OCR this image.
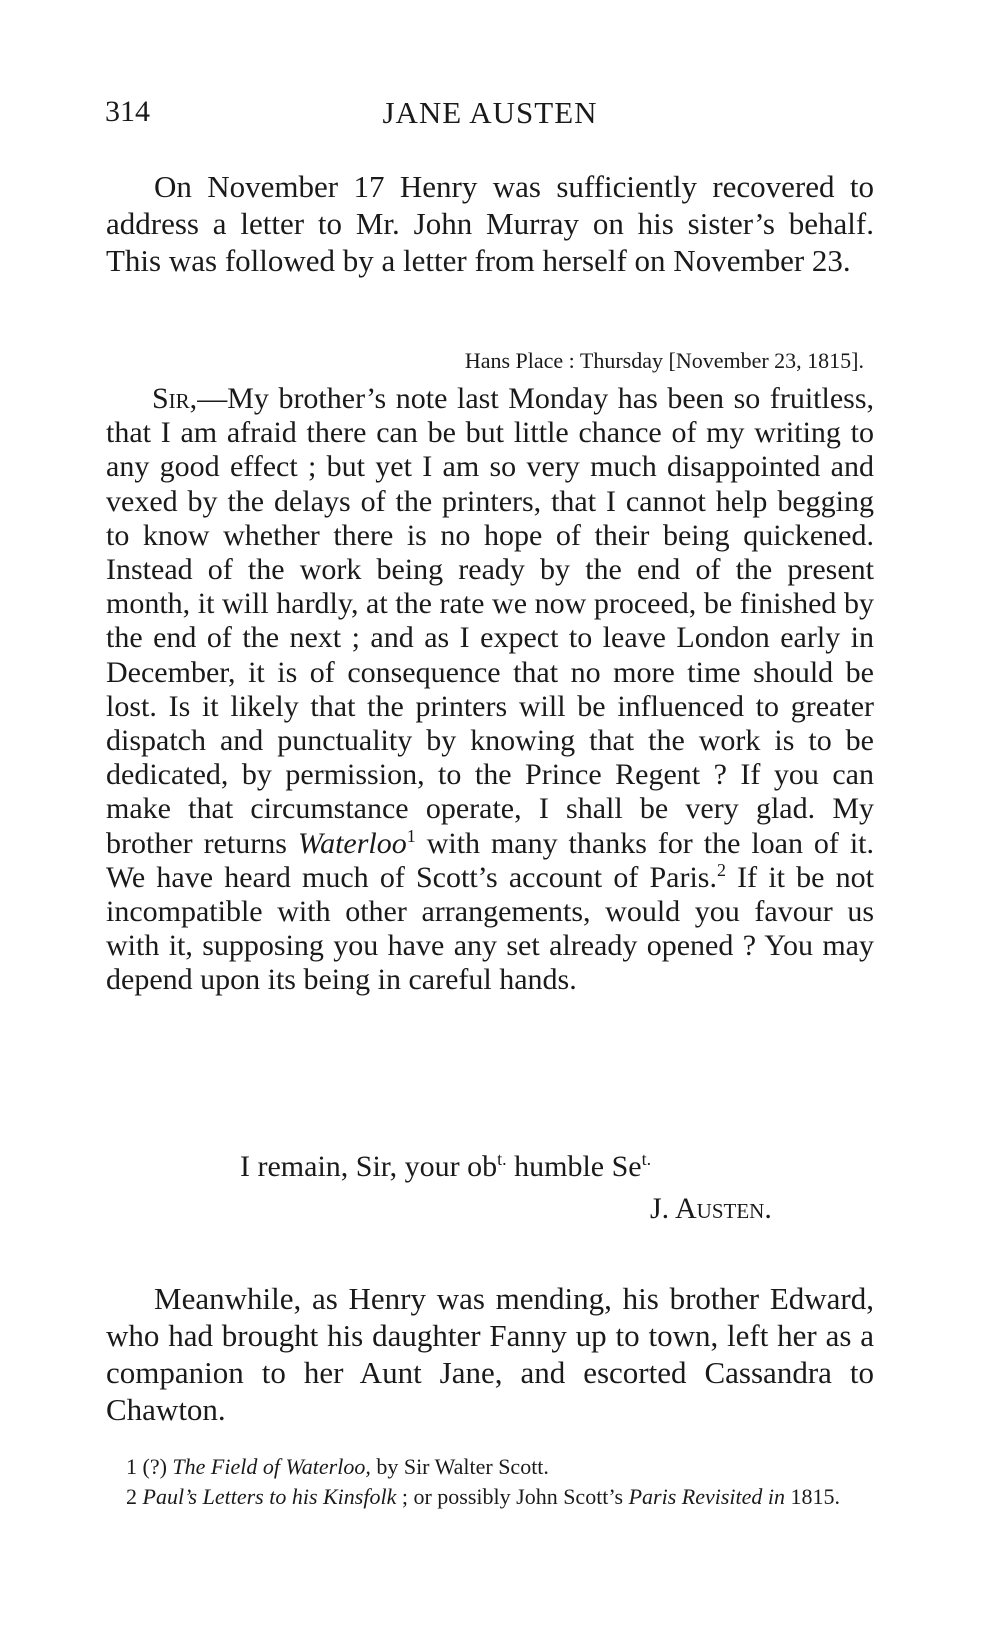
314	JANE AUSTEN

On November 17 Henry was sufficiently recovered to address a letter to Mr. John Murray on his sister’s behalf. This was followed by a letter from herself on November 23.

Hans Place : Thursday [November 23, 1815].

Sir,—My brother’s note last Monday has been so fruitless, that I am afraid there can be but little chance of my writing to any good effect ; but yet I am so very much disappointed and vexed by the delays of the printers, that I cannot help begging to know whether there is no hope of their being quickened. Instead of the work being ready by the end of the present month, it will hardly, at the rate we now proceed, be finished by the end of the next ; and as I expect to leave London early in December, it is of consequence that no more time should be lost. Is it likely that the printers will be influenced to greater dispatch and punctuality by knowing that the work is to be dedicated, by permission, to the Prince Regent ? If you can make that circumstance operate, I shall be very glad. My brother returns Waterloo$^1$ with many thanks for the loan of it. We have heard much of Scott’s account of Paris.$^2$ If it be not incompatible with other arrangements, would you favour us with it, supposing you have any set already opened ? You may depend upon its being in careful hands.

I remain, Sir, your $ob^{t.}$ humble $Se^{t.}$
J. Austen.

Meanwhile, as Henry was mending, his brother Edward, who had brought his daughter Fanny up to town, left her as a companion to her Aunt Jane, and escorted Cassandra to Chawton.

1 (?) The Field of Waterloo, by Sir Walter Scott.
2 Paul’s Letters to his Kinsfolk ; or possibly John Scott’s Paris Revisited in 1815.
